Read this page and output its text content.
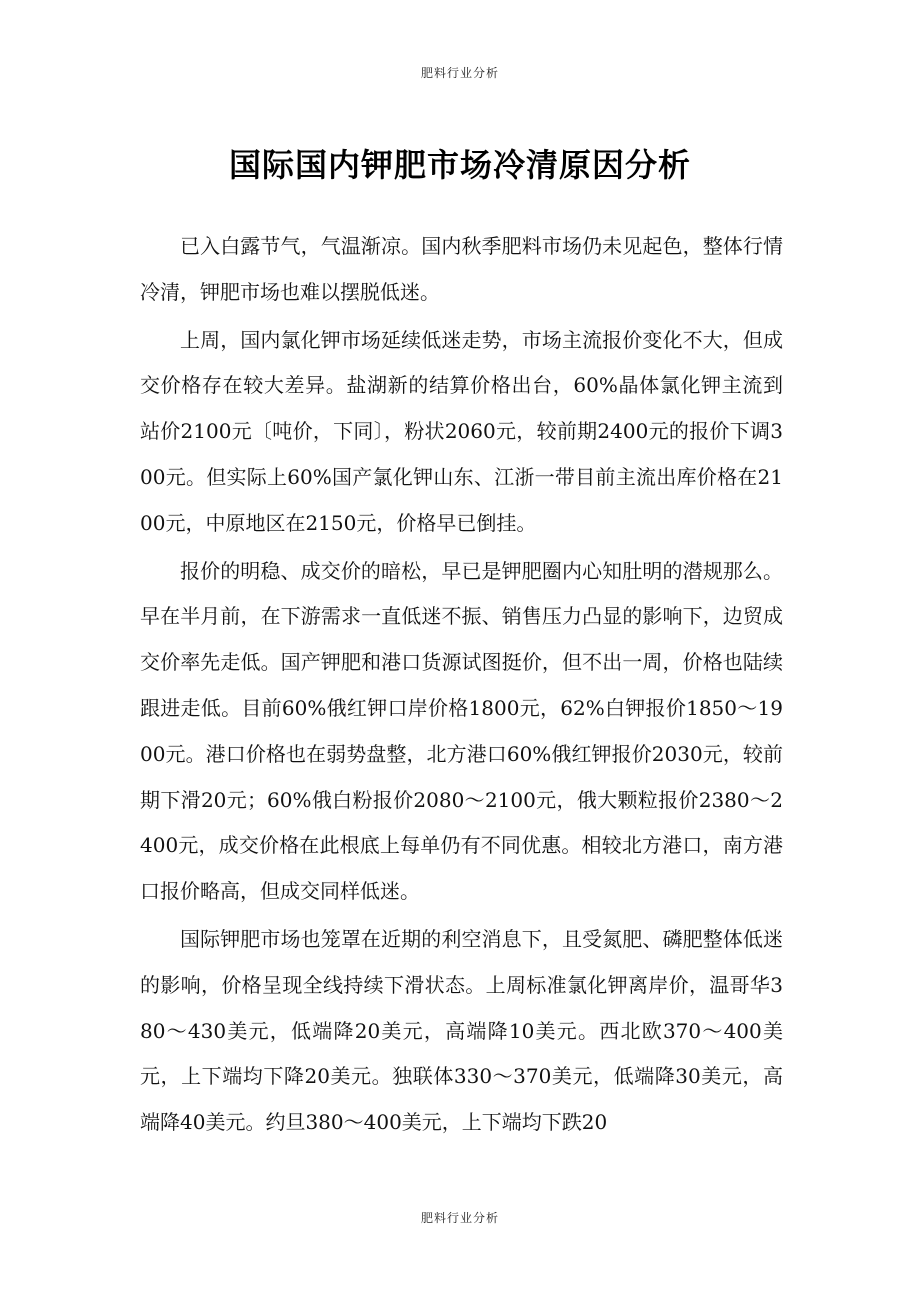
肥料行业分析
国际国内钾肥市场冷清原因分析

已入白露节气，气温渐凉。国内秋季肥料市场仍未见起色，整体行情冷清，钾肥市场也难以摆脱低迷。

上周，国内氯化钾市场延续低迷走势，市场主流报价变化不大，但成交价格存在较大差异。盐湖新的结算价格出台，60%晶体氯化钾主流到站价2100元〔吨价，下同〕，粉状2060元，较前期2400元的报价下调300元。但实际上60%国产氯化钾山东、江浙一带目前主流出库价格在2100元，中原地区在2150元，价格早已倒挂。

报价的明稳、成交价的暗松，早已是钾肥圈内心知肚明的潜规那么。早在半月前，在下游需求一直低迷不振、销售压力凸显的影响下，边贸成交价率先走低。国产钾肥和港口货源试图挺价，但不出一周，价格也陆续跟进走低。目前60%俄红钾口岸价格1800元，62%白钾报价1850～1900元。港口价格也在弱势盘整，北方港口60%俄红钾报价2030元，较前期下滑20元；60%俄白粉报价2080～2100元，俄大颗粒报价2380～2400元，成交价格在此根底上每单仍有不同优惠。相较北方港口，南方港口报价略高，但成交同样低迷。

国际钾肥市场也笼罩在近期的利空消息下，且受氮肥、磷肥整体低迷的影响，价格呈现全线持续下滑状态。上周标准氯化钾离岸价，温哥华380～430美元，低端降20美元，高端降10美元。西北欧370～400美元，上下端均下降20美元。独联体330～370美元，低端降30美元，高端降40美元。约旦380～400美元，上下端均下跌20

肥料行业分析
